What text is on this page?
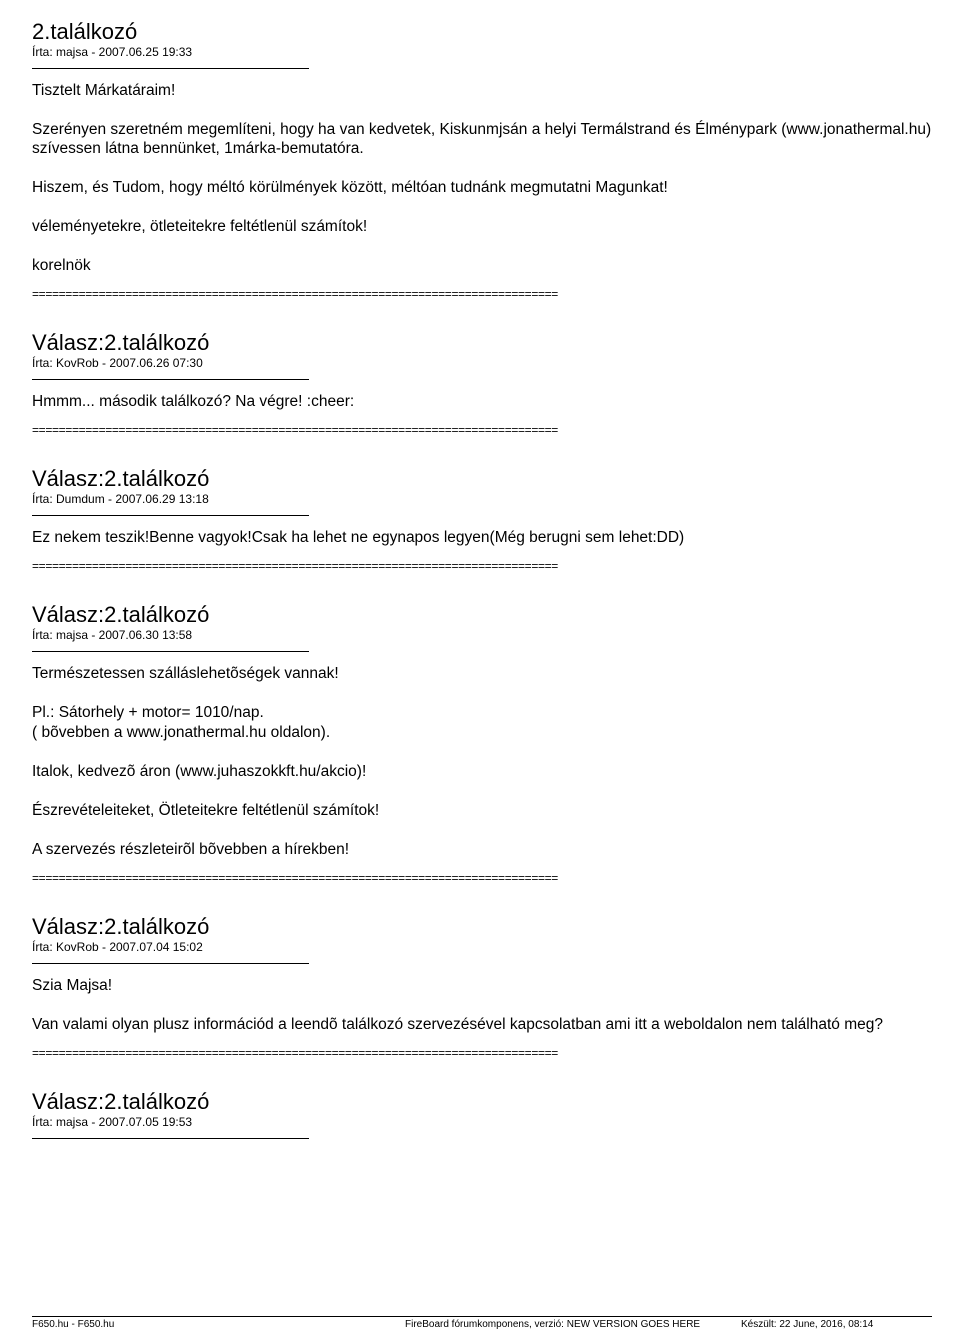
2.találkozó
Írta: majsa - 2007.06.25 19:33

Tisztelt Márkatáraim!

Szerényen szeretném megemlíteni, hogy ha van kedvetek, Kiskunmjsán a helyi Termálstrand és Élménypark (www.jonathermal.hu) szívessen látna bennünket, 1márka-bemutatóra.

Hiszem, és Tudom, hogy méltó körülmények között, méltóan tudnánk megmutatni Magunkat!

véleményetekre, ötleteitekre feltétlenül számítok!

korelnök

===============================================================================
Válasz:2.találkozó
Írta: KovRob - 2007.06.26 07:30

Hmmm... második találkozó? Na végre! :cheer:

===============================================================================
Válasz:2.találkozó
Írta: Dumdum - 2007.06.29 13:18

Ez nekem teszik!Benne vagyok!Csak ha lehet ne egynapos legyen(Még berugni sem lehet:DD)

===============================================================================
Válasz:2.találkozó
Írta: majsa - 2007.06.30 13:58

Természetessen szálláslehetõségek vannak!

Pl.: Sátorhely + motor= 1010/nap.

( bõvebben a www.jonathermal.hu oldalon).

Italok, kedvezõ áron (www.juhaszokkft.hu/akcio)!

Észrevételeiteket, Ötleteitekre feltétlenül számítok!

A szervezés részleteirõl bõvebben a hírekben!

===============================================================================
Válasz:2.találkozó
Írta: KovRob - 2007.07.04 15:02

Szia Majsa!

Van valami olyan plusz információd a leendõ találkozó szervezésével kapcsolatban ami itt a weboldalon nem található meg?

===============================================================================
Válasz:2.találkozó
Írta: majsa - 2007.07.05 19:53
F650.hu - F650.hu	FireBoard fórumkomponens, verzió: NEW VERSION GOES HERE	Készült: 22 June, 2016, 08:14
